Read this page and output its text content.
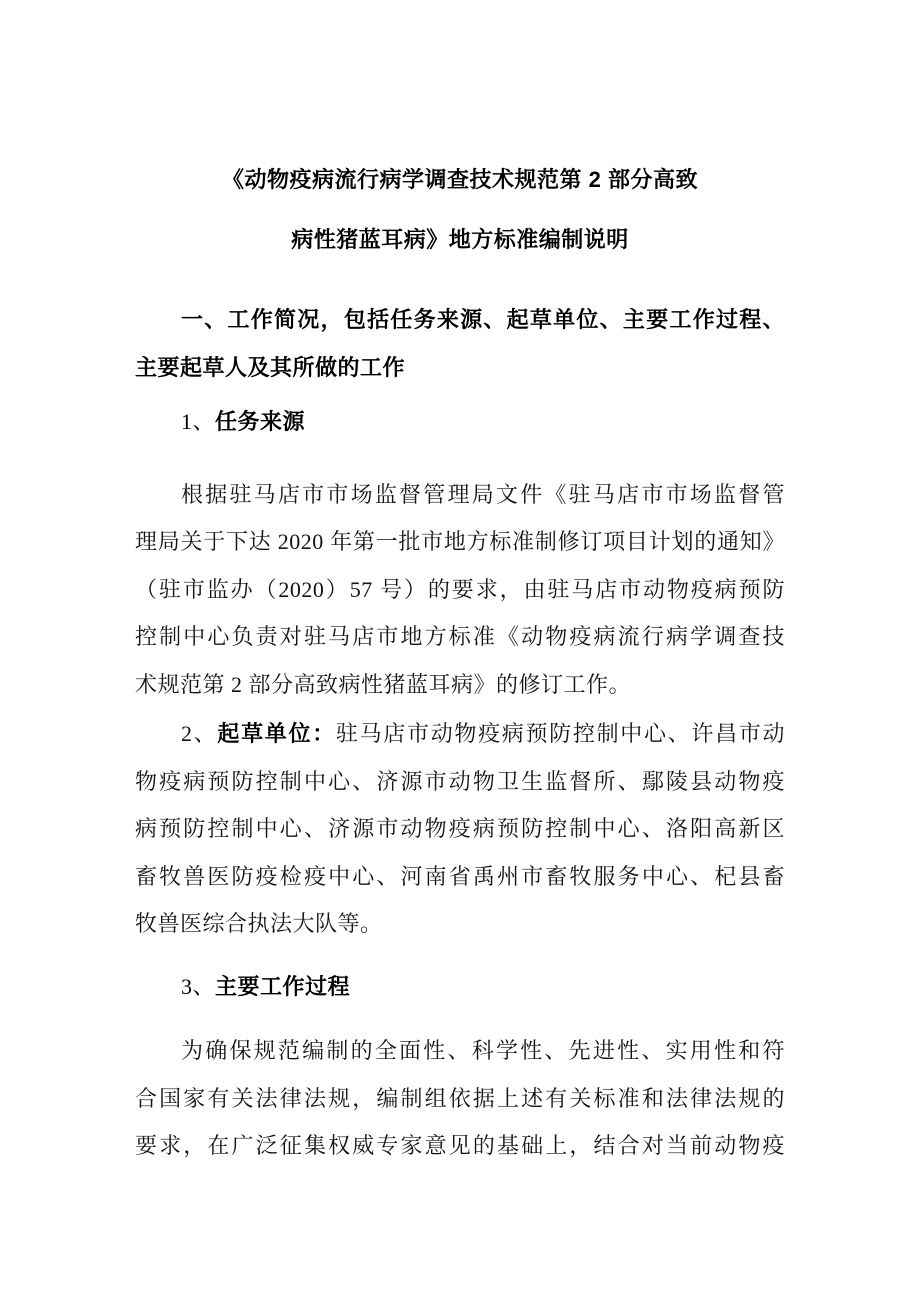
《动物疫病流行病学调查技术规范第 2 部分高致
病性猪蓝耳病》地方标准编制说明
一、工作简况，包括任务来源、起草单位、主要工作过程、
主要起草人及其所做的工作
1、任务来源
根据驻马店市市场监督管理局文件《驻马店市市场监督管
理局关于下达 2020 年第一批市地方标准制修订项目计划的通知》
（驻市监办（2020）57 号）的要求，由驻马店市动物疫病预防
控制中心负责对驻马店市地方标准《动物疫病流行病学调查技
术规范第 2 部分高致病性猪蓝耳病》的修订工作。
2、起草单位：驻马店市动物疫病预防控制中心、许昌市动
物疫病预防控制中心、济源市动物卫生监督所、鄢陵县动物疫
病预防控制中心、济源市动物疫病预防控制中心、洛阳高新区
畜牧兽医防疫检疫中心、河南省禹州市畜牧服务中心、杞县畜
牧兽医综合执法大队等。
3、主要工作过程
为确保规范编制的全面性、科学性、先进性、实用性和符
合国家有关法律法规，编制组依据上述有关标准和法律法规的
要求，在广泛征集权威专家意见的基础上，结合对当前动物疫
